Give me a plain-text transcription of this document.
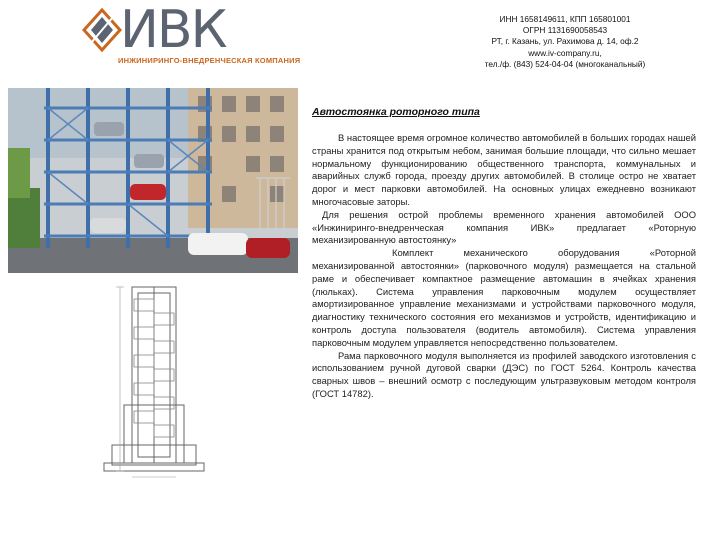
ИВК
ИНЖИНИРИНГО-ВНЕДРЕНЧЕСКАЯ КОМПАНИЯ
ИНН 1658149611, КПП 165801001
ОГРН 1131690058543
РТ, г. Казань, ул. Рахимова д. 14, оф.2
www.iv-company.ru,
тел./ф. (843) 524-04-04 (многоканальный)
Автостоянка роторного типа

В настоящее время огромное количество автомобилей в больших городах нашей страны хранится под открытым небом, занимая большие площади, что сильно мешает нормальному функционированию общественного транспорта, коммунальных и аварийных служб города, проезду других автомобилей. В столице остро не хватает дорог и мест парковки автомобилей. На основных улицах ежедневно возникают многочасовые заторы.

Для решения острой проблемы временного хранения автомобилей ООО «Инжиниринго-внедренческая компания ИВК» предлагает «Роторную механизированную автостоянку»

Комплект механического оборудования «Роторной механизированной автостоянки» (парковочного модуля) размещается на стальной раме и обеспечивает компактное размещение автомашин в ячейках хранения (люльках). Система управления парковочным модулем осуществляет амортизированное управление механизмами и устройствами парковочного модуля, диагностику технического состояния его механизмов и устройств, идентификацию и контроль доступа пользователя (водитель автомобиля). Система управления парковочным модулем управляется непосредственно пользователем.

Рама парковочного модуля выполняется из профилей заводского изготовления с использованием ручной дуговой сварки (ДЭС) по ГОСТ 5264. Контроль качества сварных швов – внешний осмотр с последующим ультразвуковым методом контроля (ГОСТ 14782).
